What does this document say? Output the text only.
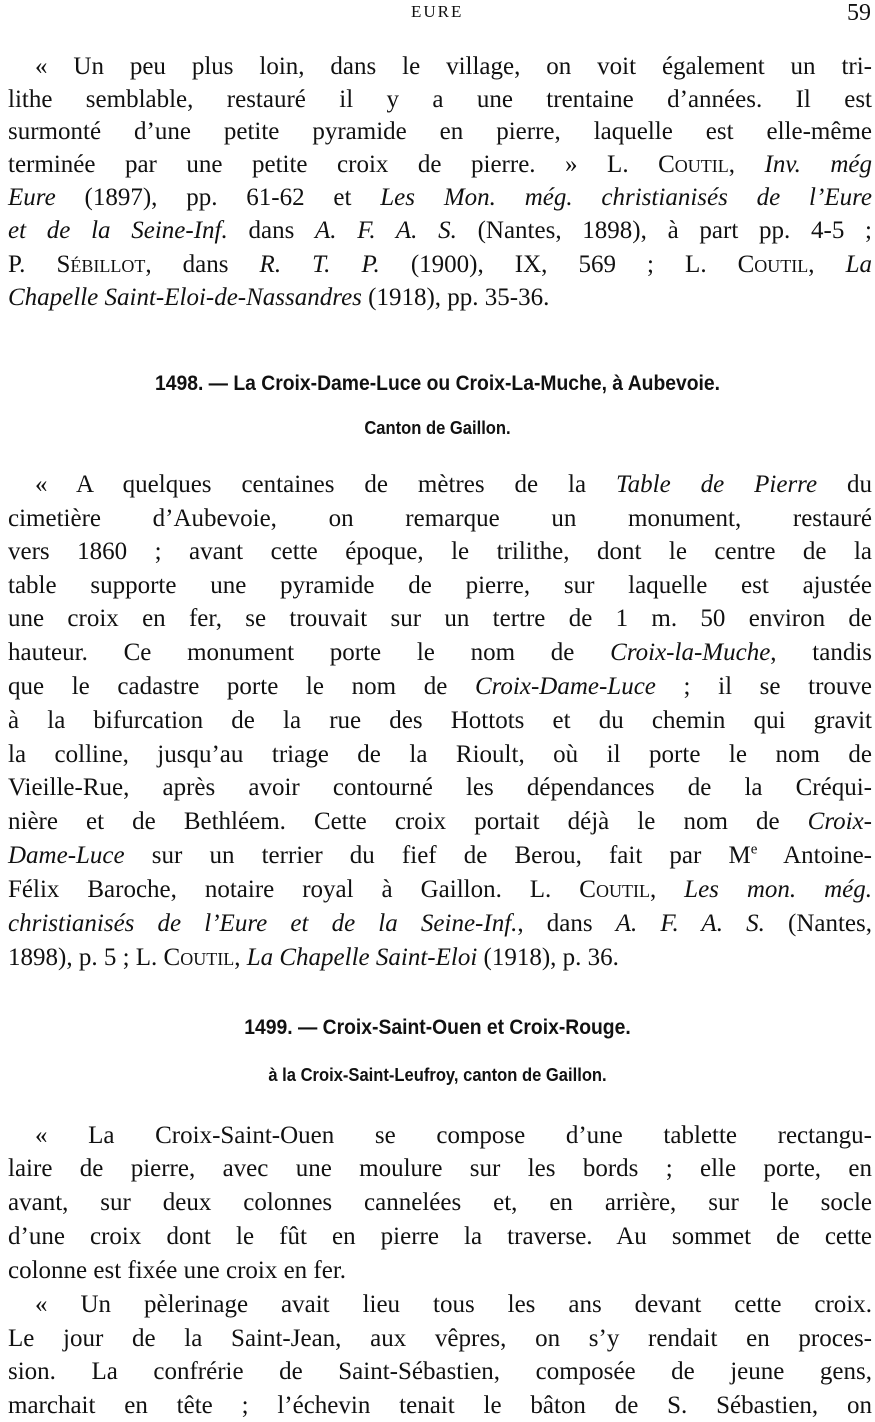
EURE	59
« Un peu plus loin, dans le village, on voit également un tri-
lithe semblable, restauré il y a une trentaine d’années. Il est
surmonté d’une petite pyramide en pierre, laquelle est elle-même
terminée par une petite croix de pierre. » L. Coutil, Inv. még
Eure (1897), pp. 61-62 et Les Mon. még. christianisés de l’Eure
et de la Seine-Inf. dans A. F. A. S. (Nantes, 1898), à part pp. 4-5 ;
P. Sébillot, dans R. T. P. (1900), IX, 569 ; L. Coutil, La
Chapelle Saint-Eloi-de-Nassandres (1918), pp. 35-36.
1498. — La Croix-Dame-Luce ou Croix-La-Muche, à Aubevoie.
Canton de Gaillon.
« A quelques centaines de mètres de la Table de Pierre du
cimetière d’Aubevoie, on remarque un monument, restauré
vers 1860 ; avant cette époque, le trilithe, dont le centre de la
table supporte une pyramide de pierre, sur laquelle est ajustée
une croix en fer, se trouvait sur un tertre de 1 m. 50 environ de
hauteur. Ce monument porte le nom de Croix-la-Muche, tandis
que le cadastre porte le nom de Croix-Dame-Luce ; il se trouve
à la bifurcation de la rue des Hottots et du chemin qui gravit
la colline, jusqu’au triage de la Rioult, où il porte le nom de
Vieille-Rue, après avoir contourné les dépendances de la Créqui-
nière et de Bethléem. Cette croix portait déjà le nom de Croix-
Dame-Luce sur un terrier du fief de Berou, fait par Me Antoine-
Félix Baroche, notaire royal à Gaillon. L. Coutil, Les mon. még.
christianisés de l’Eure et de la Seine-Inf., dans A. F. A. S. (Nantes,
1898), p. 5 ; L. Coutil, La Chapelle Saint-Eloi (1918), p. 36.
1499. — Croix-Saint-Ouen et Croix-Rouge.
à la Croix-Saint-Leufroy, canton de Gaillon.
« La Croix-Saint-Ouen se compose d’une tablette rectangu-
laire de pierre, avec une moulure sur les bords ; elle porte, en
avant, sur deux colonnes cannelées et, en arrière, sur le socle
d’une croix dont le fût en pierre la traverse. Au sommet de cette
colonne est fixée une croix en fer.
« Un pèlerinage avait lieu tous les ans devant cette croix.
Le jour de la Saint-Jean, aux vêpres, on s’y rendait en proces-
sion. La confrérie de Saint-Sébastien, composée de jeune gens,
marchait en tête ; l’échevin tenait le bâton de S. Sébastien, on
